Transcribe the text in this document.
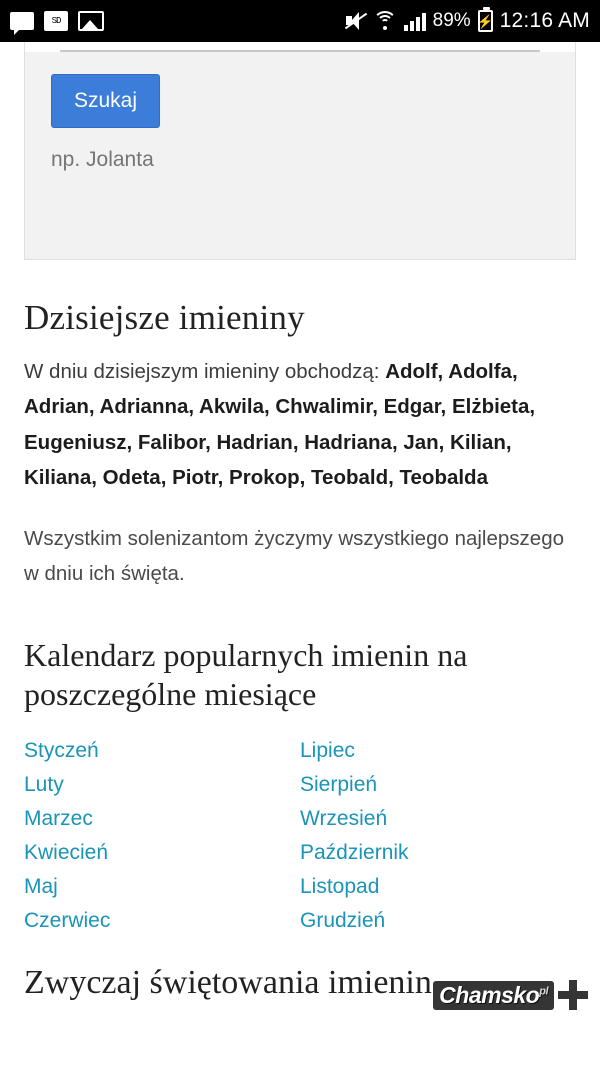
SD	89% ⚡ 12:16 AM
Szukaj
np. Jolanta
Dzisiejsze imieniny

W dniu dzisiejszym imieniny obchodzą: Adolf, Adolfa, Adrian, Adrianna, Akwila, Chwalimir, Edgar, Elżbieta, Eugeniusz, Falibor, Hadrian, Hadriana, Jan, Kilian, Kiliana, Odeta, Piotr, Prokop, Teobald, Teobalda

Wszystkim solenizantom życzymy wszystkiego najlepszego w dniu ich święta.

Kalendarz popularnych imienin na poszczególne miesiące
Styczeń
Luty
Marzec
Kwiecień
Maj
Czerwiec
Lipiec
Sierpień
Wrzesień
Październik
Listopad
Grudzień
Chamsko$^{pl}$
Zwyczaj świętowania imienin
